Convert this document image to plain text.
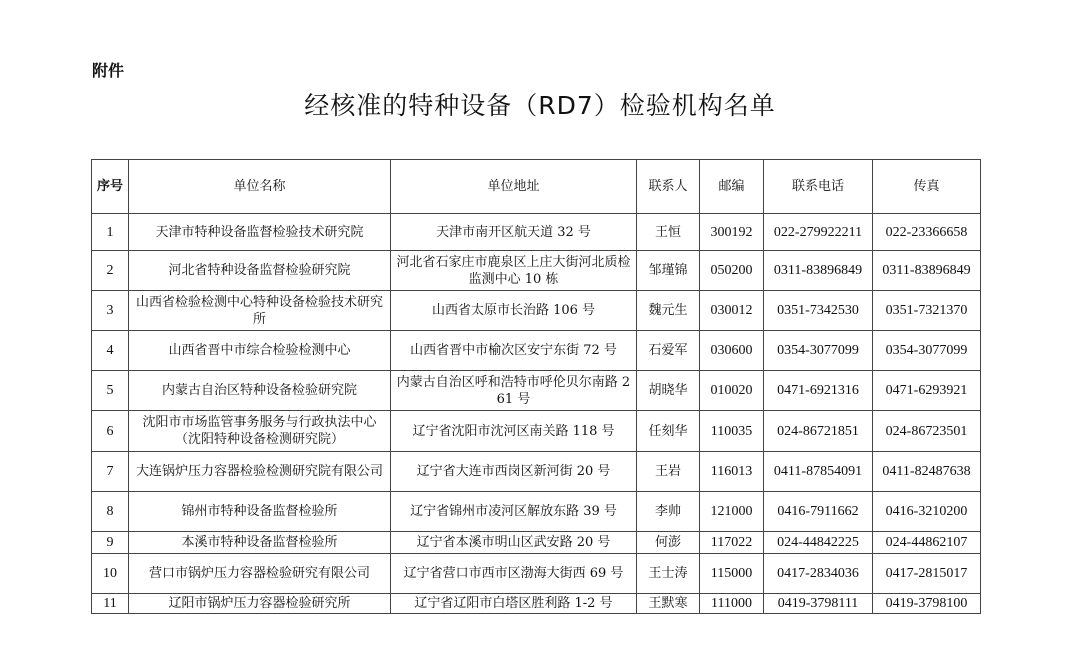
附件
经核准的特种设备（RD7）检验机构名单
序号	单位名称	单位地址	联系人	邮编	联系电话	传真
1	天津市特种设备监督检验技术研究院	天津市南开区航天道 32 号	王恒	300192	022-279922211	022-23366658
2	河北省特种设备监督检验研究院	河北省石家庄市鹿泉区上庄大街河北质检监测中心 10 栋	邹瑾锦	050200	0311-83896849	0311-83896849
3	山西省检验检测中心特种设备检验技术研究所	山西省太原市长治路 106 号	魏元生	030012	0351-7342530	0351-7321370
4	山西省晋中市综合检验检测中心	山西省晋中市榆次区安宁东街 72 号	石爱军	030600	0354-3077099	0354-3077099
5	内蒙古自治区特种设备检验研究院	内蒙古自治区呼和浩特市呼伦贝尔南路 261 号	胡晓华	010020	0471-6921316	0471-6293921
6	沈阳市市场监管事务服务与行政执法中心（沈阳特种设备检测研究院）	辽宁省沈阳市沈河区南关路 118 号	任刻华	110035	024-86721851	024-86723501
7	大连锅炉压力容器检验检测研究院有限公司	辽宁省大连市西岗区新河街 20 号	王岩	116013	0411-87854091	0411-82487638
8	锦州市特种设备监督检验所	辽宁省锦州市凌河区解放东路 39 号	李帅	121000	0416-7911662	0416-3210200
9	本溪市特种设备监督检验所	辽宁省本溪市明山区武安路 20 号	何澎	117022	024-44842225	024-44862107
10	营口市锅炉压力容器检验研究有限公司	辽宁省营口市西市区渤海大街西 69 号	王士涛	115000	0417-2834036	0417-2815017
11	辽阳市锅炉压力容器检验研究所	辽宁省辽阳市白塔区胜利路 1-2 号	王默寒	111000	0419-3798111	0419-3798100
